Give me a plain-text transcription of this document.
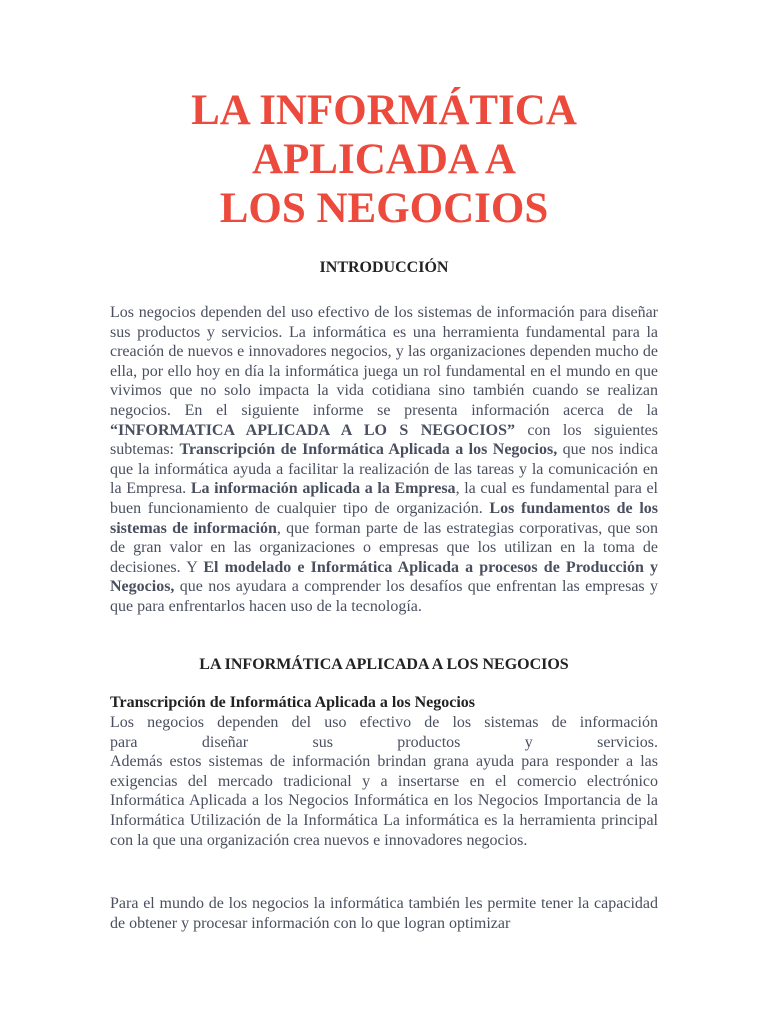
LA INFORMÁTICA
APLICADA A
LOS NEGOCIOS
INTRODUCCIÓN
Los negocios dependen del uso efectivo de los sistemas de información para diseñar sus productos y servicios. La informática es una herramienta fundamental para la creación de nuevos e innovadores negocios, y las organizaciones dependen mucho de ella, por ello hoy en día la informática juega un rol fundamental en el mundo en que vivimos que no solo impacta la vida cotidiana sino también cuando se realizan negocios. En el siguiente informe se presenta información acerca de la “INFORMATICA APLICADA A LO S NEGOCIOS” con los siguientes subtemas: Transcripción de Informática Aplicada a los Negocios, que nos indica que la informática ayuda a facilitar la realización de las tareas y la comunicación en la Empresa. La información aplicada a la Empresa, la cual es fundamental para el buen funcionamiento de cualquier tipo de organización. Los fundamentos de los sistemas de información, que forman parte de las estrategias corporativas, que son de gran valor en las organizaciones o empresas que los utilizan en la toma de decisiones. Y El modelado e Informática Aplicada a procesos de Producción y Negocios, que nos ayudara a comprender los desafíos que enfrentan las empresas y que para enfrentarlos hacen uso de la tecnología.
LA INFORMÁTICA APLICADA A LOS NEGOCIOS
Transcripción de Informática Aplicada a los Negocios
Los negocios dependen del uso efectivo de los sistemas de información
para diseñar sus productos y servicios.
Además estos sistemas de información brindan grana ayuda para responder a las exigencias del mercado tradicional y a insertarse en el comercio electrónico Informática Aplicada a los Negocios Informática en los Negocios Importancia de la Informática Utilización de la Informática La informática es la herramienta principal con la que una organización crea nuevos e innovadores negocios.
Para el mundo de los negocios la informática también les permite tener la capacidad de obtener y procesar información con lo que logran optimizar
